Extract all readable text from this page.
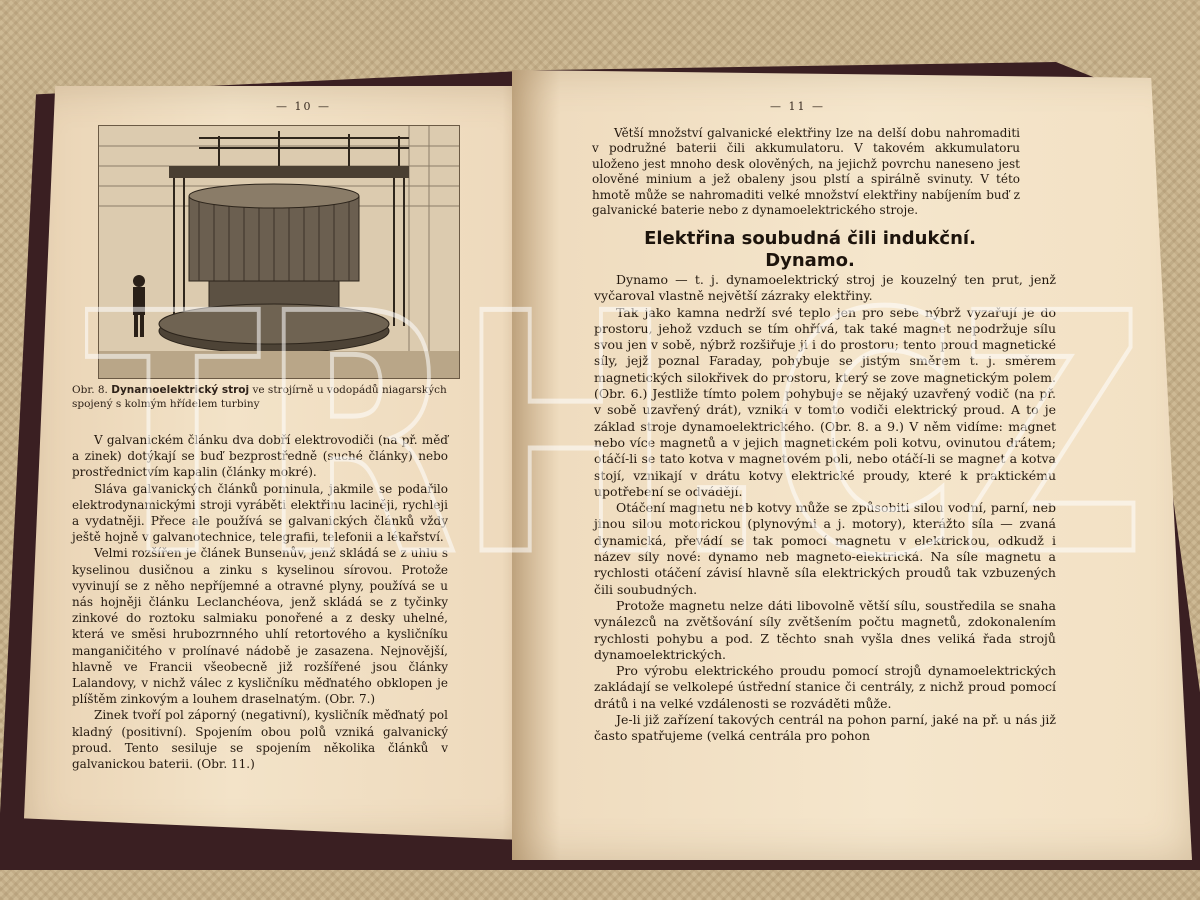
— 10 —
Obr. 8. Dynamoelektrický stroj ve strojírně u vodopádů niagarských spojený s kolmým hřídelem turbiny

V galvanickém článku dva dobří elektrovodiči (na př. měď a zinek) dotýkají se buď bezprostředně (suché články) nebo prostřednictvím kapalin (články mokré).

Sláva galvanických článků pominula, jakmile se podařilo elektrodynamickými stroji vyráběti elektřinu laciněji, rychleji a vydatněji. Přece ale používá se galvanických článků vždy ještě hojně v galvanotechnice, telegrafii, telefonii a lékařství.

Velmi rozšířen je článek Bunsenův, jenž skládá se z uhlu s kyselinou dusičnou a zinku s kyselinou sírovou. Protože vyvinují se z něho nepříjemné a otravné plyny, používá se u nás hojněji článku Leclanchéova, jenž skládá se z tyčinky zinkové do roztoku salmiaku ponořené a z desky uhelné, která ve směsi hrubozrnného uhlí retortového a kysličníku manganičitého v prolínavé nádobě je zasazena. Nejnovější, hlavně ve Francii všeobecně již rozšířené jsou články Lalandovy, v nichž válec z kysličníku měďnatého obklopen je plíštěm zinkovým a louhem draselnatým. (Obr. 7.)

Zinek tvoří pol záporný (negativní), kysličník měďnatý pol kladný (positivní). Spojením obou polů vzniká galvanický proud. Tento sesiluje se spojením několika článků v galvanickou baterii. (Obr. 11.)

— 11 —

Větší množství galvanické elektřiny lze na delší dobu nahromaditi v podružné baterii čili akkumulatoru. V takovém akkumulatoru uloženo jest mnoho desk olověných, na jejichž povrchu naneseno jest olověné minium a jež obaleny jsou plstí a spirálně svinuty. V této hmotě může se nahromaditi velké množství elektřiny nabíjením buď z galvanické baterie nebo z dynamoelektrického stroje.

Elektřina soubudná čili indukční.
Dynamo.

Dynamo — t. j. dynamoelektrický stroj je kouzelný ten prut, jenž vyčaroval vlastně největší zázraky elektřiny.

Tak jako kamna nedrží své teplo jen pro sebe nýbrž vyzařují je do prostoru, jehož vzduch se tím ohřívá, tak také magnet nepodržuje sílu svou jen v sobě, nýbrž rozšiřuje ji i do prostoru; tento proud magnetické síly, jejž poznal Faraday, pohybuje se jistým směrem t. j. směrem magnetických silokřivek do prostoru, který se zove magnetickým polem. (Obr. 6.) Jestliže tímto polem pohybuje se nějaký uzavřený vodič (na př. v sobě uzavřený drát), vzniká v tomto vodiči elektrický proud. A to je základ stroje dynamoelektrického. (Obr. 8. a 9.) V něm vidíme: magnet nebo více magnetů a v jejich magnetickém poli kotvu, ovinutou drátem; otáčí-li se tato kotva v magnetovém poli, nebo otáčí-li se magnet a kotva stojí, vznikají v drátu kotvy elektrické proudy, které k praktickému upotřebení se odvádějí.

Otáčení magnetu neb kotvy může se způsobiti silou vodní, parní, neb jinou silou motorickou (plynovými a j. motory), kterážto síla — zvaná dynamická, převádí se tak pomocí magnetu v elektrickou, odkudž i název síly nové: dynamo neb magneto-elektrická. Na síle magnetu a rychlosti otáčení závisí hlavně síla elektrických proudů tak vzbuzených čili soubudných.

Protože magnetu nelze dáti libovolně větší sílu, soustředila se snaha vynálezců na zvětšování síly zvětšením počtu magnetů, zdokonalením rychlosti pohybu a pod. Z těchto snah vyšla dnes veliká řada strojů dynamoelektrických.

Pro výrobu elektrického proudu pomocí strojů dynamoelektrických zakládají se velkolepé ústřední stanice či centrály, z nichž proud pomocí drátů i na velké vzdálenosti se rozváděti může.

Je-li již zařízení takových centrál na pohon parní, jaké na př. u nás již často spatřujeme (velká centrála pro pohon

TRH.CZ
